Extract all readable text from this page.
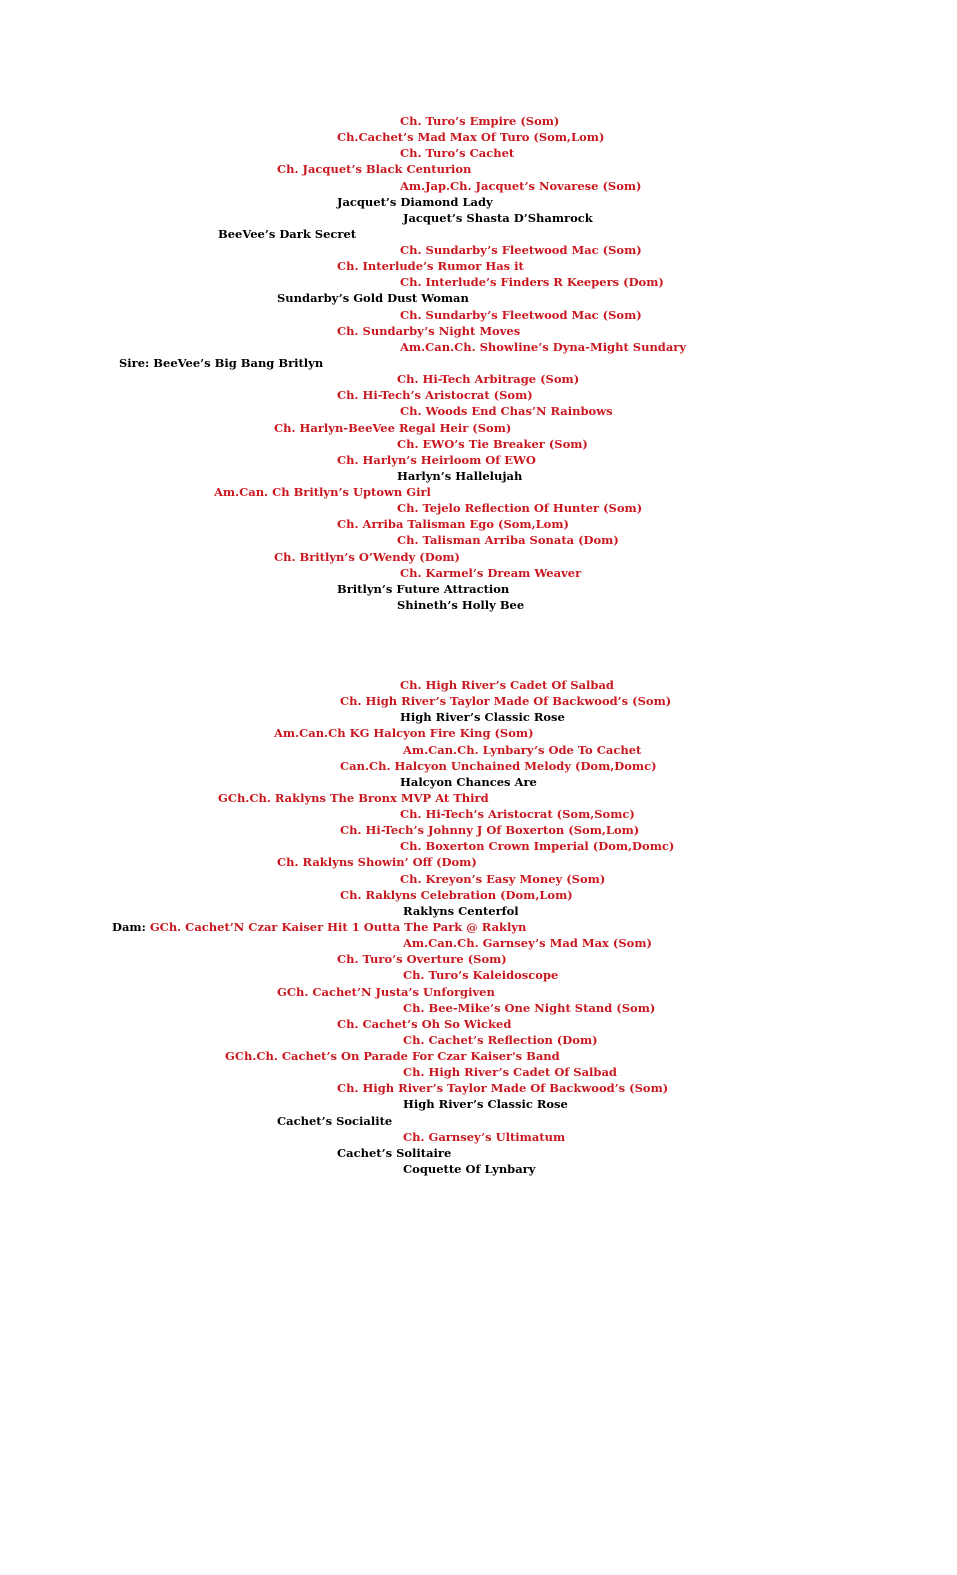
Ch. Turo’s Empire (Som)
Ch.Cachet’s Mad Max Of Turo (Som,Lom)
Ch. Turo’s Cachet
Ch. Jacquet’s Black Centurion
Am.Jap.Ch. Jacquet’s Novarese (Som)
Jacquet’s Diamond Lady
Jacquet’s Shasta D’Shamrock
BeeVee’s Dark Secret
Ch. Sundarby’s Fleetwood Mac (Som)
Ch. Interlude’s Rumor Has it
Ch. Interlude’s Finders R Keepers (Dom)
Sundarby’s Gold Dust Woman
Ch. Sundarby’s Fleetwood Mac (Som)
Ch. Sundarby’s Night Moves
Am.Can.Ch. Showline’s Dyna-Might Sundary
Sire: BeeVee’s Big Bang Britlyn
Ch. Hi-Tech Arbitrage (Som)
Ch. Hi-Tech’s Aristocrat (Som)
Ch. Woods End Chas’N Rainbows
Ch. Harlyn-BeeVee Regal Heir (Som)
Ch. EWO’s Tie Breaker (Som)
Ch. Harlyn’s Heirloom Of EWO
Harlyn’s Hallelujah
Am.Can. Ch Britlyn’s Uptown Girl
Ch. Tejelo Reflection Of Hunter (Som)
Ch. Arriba Talisman Ego (Som,Lom)
Ch. Talisman Arriba Sonata (Dom)
Ch. Britlyn’s O’Wendy (Dom)
Ch. Karmel’s Dream Weaver
Britlyn’s Future Attraction
Shineth’s Holly Bee
Ch. High River’s Cadet Of Salbad
Ch. High River’s Taylor Made Of Backwood’s (Som)
High River’s Classic Rose
Am.Can.Ch KG Halcyon Fire King (Som)
Am.Can.Ch. Lynbary’s Ode To Cachet
Can.Ch. Halcyon Unchained Melody (Dom,Domc)
Halcyon Chances Are
GCh.Ch. Raklyns The Bronx MVP At Third
Ch. Hi-Tech’s Aristocrat (Som,Somc)
Ch. Hi-Tech’s Johnny J Of Boxerton (Som,Lom)
Ch. Boxerton Crown Imperial (Dom,Domc)
Ch. Raklyns Showin’ Off (Dom)
Ch. Kreyon’s Easy Money (Som)
Ch. Raklyns Celebration (Dom,Lom)
Raklyns Centerfol
Dam: GCh. Cachet’N Czar Kaiser Hit 1 Outta The Park @ Raklyn
Am.Can.Ch. Garnsey’s Mad Max (Som)
Ch. Turo’s Overture (Som)
Ch. Turo’s Kaleidoscope
GCh. Cachet’N Justa’s Unforgiven
Ch. Bee-Mike’s One Night Stand (Som)
Ch. Cachet’s Oh So Wicked
Ch. Cachet’s Reflection (Dom)
GCh.Ch. Cachet’s On Parade For Czar Kaiser's Band
Ch. High River’s Cadet Of Salbad
Ch. High River’s Taylor Made Of Backwood’s (Som)
High River’s Classic Rose
Cachet’s Socialite
Ch. Garnsey’s Ultimatum
Cachet’s Solitaire
Coquette Of Lynbary
